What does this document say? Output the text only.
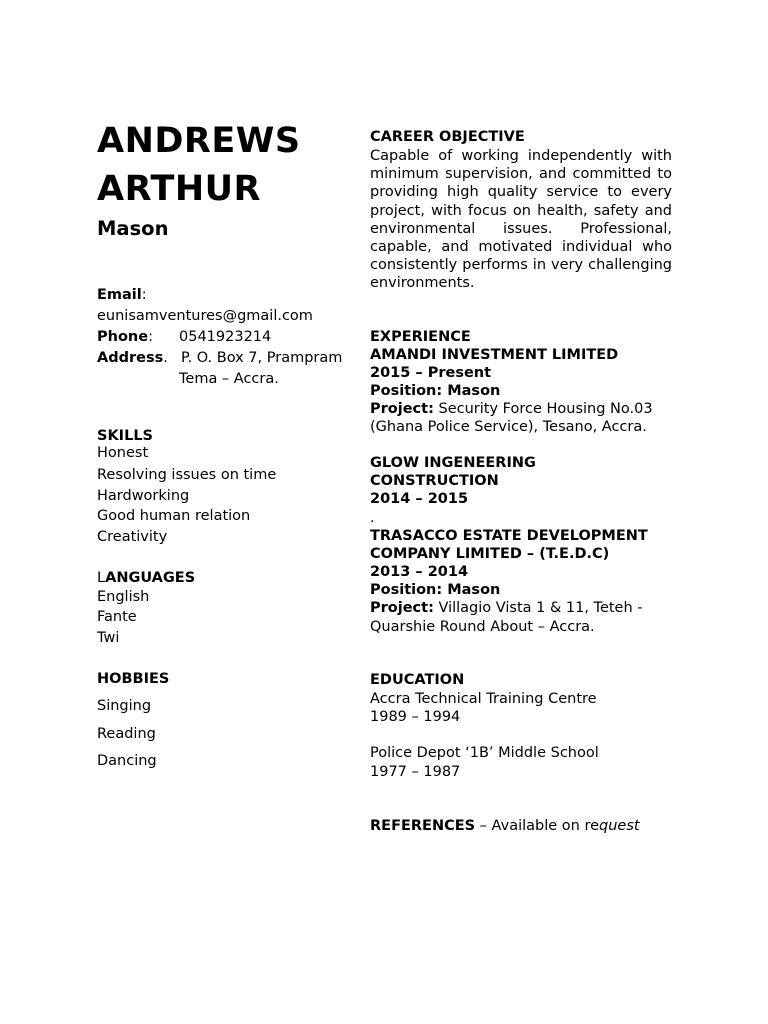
ANDREWS
ARTHUR
Mason
Email:
eunisamventures@gmail.com
Phone: 0541923214
Address. P. O. Box 7, Prampram
Tema – Accra.
SKILLS
Honest
Resolving issues on time
Hardworking
Good human relation
Creativity
LANGUAGES
English
Fante
Twi
HOBBIES
Singing
Reading
Dancing
CAREER OBJECTIVE
Capable of working independently with minimum supervision, and committed to providing high quality service to every project, with focus on health, safety and environmental issues. Professional, capable, and motivated individual who consistently performs in very challenging environments.
EXPERIENCE
AMANDI INVESTMENT LIMITED
2015 – Present
Position: Mason
Project: Security Force Housing No.03
(Ghana Police Service), Tesano, Accra.
GLOW INGENEERING
CONSTRUCTION
2014 – 2015
.
TRASACCO ESTATE DEVELOPMENT
COMPANY LIMITED – (T.E.D.C)
2013 – 2014
Position: Mason
Project: Villagio Vista 1 & 11, Teteh -
Quarshie Round About – Accra.
EDUCATION
Accra Technical Training Centre
1989 – 1994
Police Depot ‘1B’ Middle School
1977 – 1987
REFERENCES – Available on request
